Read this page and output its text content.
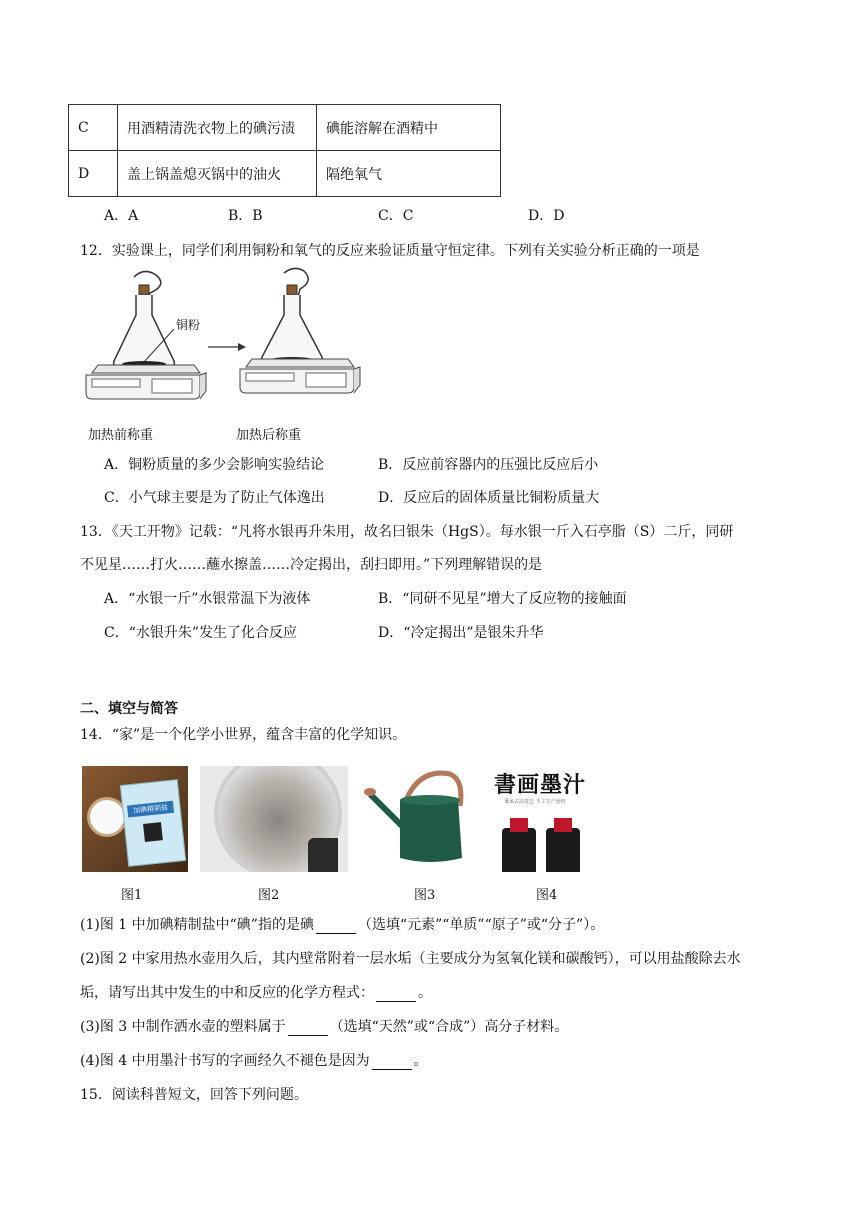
C	用酒精清洗衣物上的碘污渍	碘能溶解在酒精中
D	盖上锅盖熄灭锅中的油火	隔绝氧气
A．A	B．B	C．C	D．D
12．实验课上，同学们利用铜粉和氧气的反应来验证质量守恒定律。下列有关实验分析正确的一项是
铜粉
加热前称重	加热后称重
A．铜粉质量的多少会影响实验结论	B．反应前容器内的压强比反应后小
C．小气球主要是为了防止气体逸出	D．反应后的固体质量比铜粉质量大
13．《天工开物》记载：“凡将水银再升朱用，故名曰银朱（HgS）。每水银一斤入石亭脂（S）二斤，同研
不见星……打火……蘸水擦盖……冷定揭出，刮扫即用。”下列理解错误的是
A．“水银一斤”水银常温下为液体	B．“同研不见星”增大了反应物的接触面
C．“水银升朱”发生了化合反应	D．“冷定揭出”是银朱升华
二、填空与简答
14．“家”是一个化学小世界，蕴含丰富的化学知识。
加碘精制盐
書画墨汁
秉承古法技艺 手工生产团结
图1	图2	图3	图4
(1)图 1 中加碘精制盐中“碘”指的是碘	（选填“元素”“单质”“原子”或“分子”）。
(2)图 2 中家用热水壶用久后，其内壁常附着一层水垢（主要成分为氢氧化镁和碳酸钙），可以用盐酸除去水
垢，请写出其中发生的中和反应的化学方程式：	。
(3)图 3 中制作洒水壶的塑料属于	（选填“天然”或“合成”）高分子材料。
(4)图 4 中用墨汁书写的字画经久不褪色是因为	。
15．阅读科普短文，回答下列问题。
